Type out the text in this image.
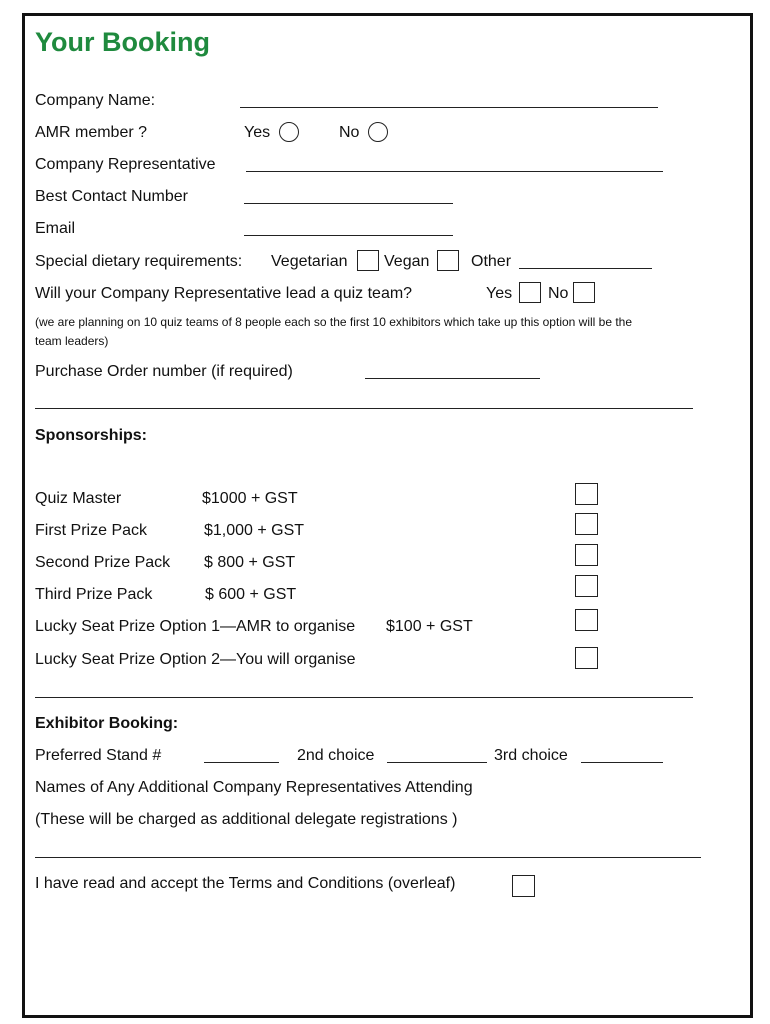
Your Booking
Company Name:
AMR member ?	Yes	No
Company Representative
Best Contact Number
Email
Special dietary requirements: Vegetarian Vegan	Other
Will your Company Representative lead a quiz team?	Yes No
(we are planning on 10 quiz teams of 8 people each so the first 10 exhibitors which take up this option will be the
team leaders)
Purchase Order number (if required)
Sponsorships:
Quiz Master	$1000 + GST
First Prize Pack	$1,000 + GST
Second Prize Pack $ 800 + GST
Third Prize Pack	$ 600 + GST
Lucky Seat Prize Option 1—AMR to organise $100 + GST
Lucky Seat Prize Option 2—You will organise
Exhibitor Booking:
Preferred Stand #	2nd choice	3rd choice
Names of Any Additional Company Representatives Attending
(These will be charged as additional delegate registrations )
I have read and accept the Terms and Conditions (overleaf)
